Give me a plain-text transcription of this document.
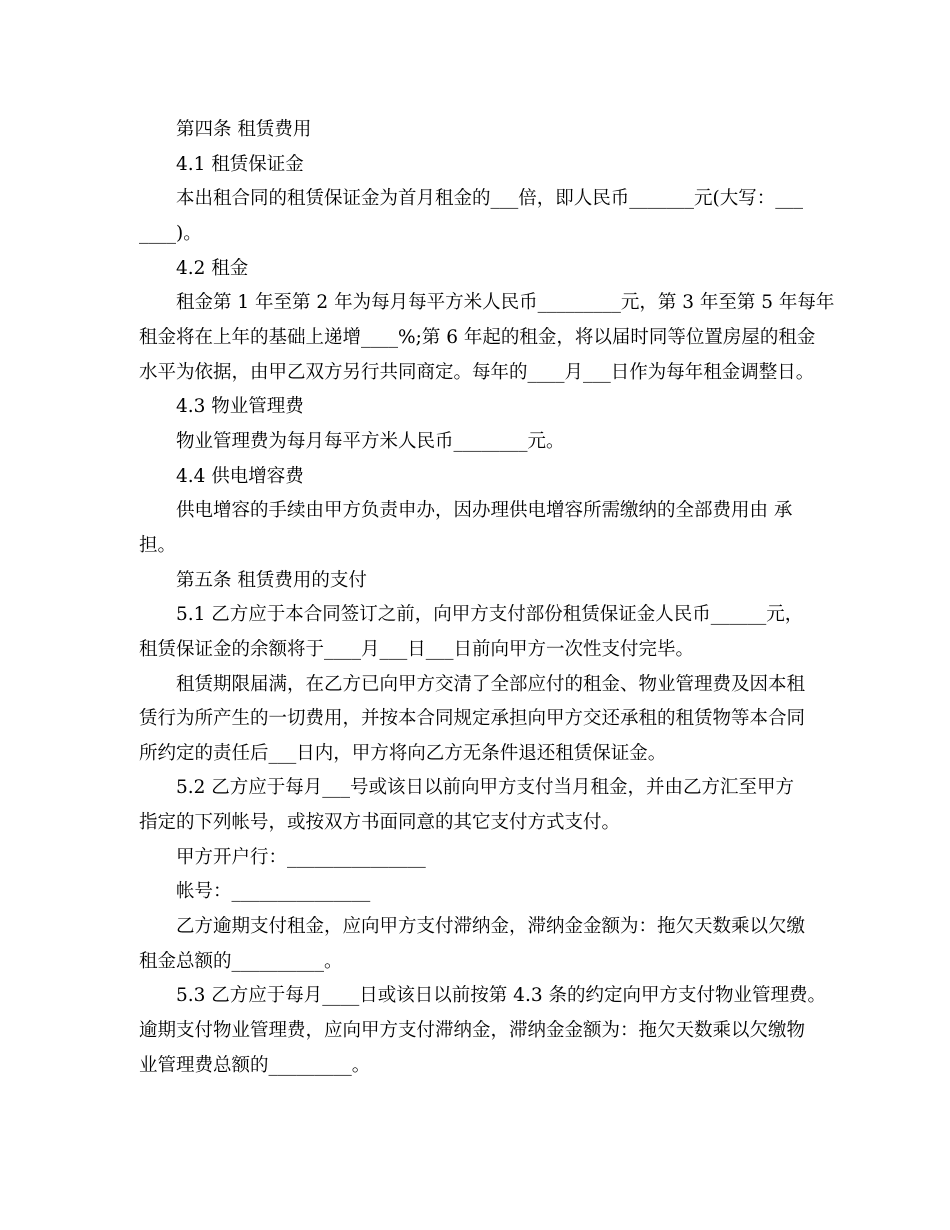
第四条 租赁费用
4.1 租赁保证金
本出租合同的租赁保证金为首月租金的___倍，即人民币_______元(大写：___
____)。
4.2 租金
租金第 1 年至第 2 年为每月每平方米人民币_________元，第 3 年至第 5 年每年
租金将在上年的基础上递增____%;第 6 年起的租金，将以届时同等位置房屋的租金
水平为依据，由甲乙双方另行共同商定。每年的____月___日作为每年租金调整日。
4.3 物业管理费
物业管理费为每月每平方米人民币________元。
4.4 供电增容费
供电增容的手续由甲方负责申办，因办理供电增容所需缴纳的全部费用由 承
担。
第五条 租赁费用的支付
5.1 乙方应于本合同签订之前，向甲方支付部份租赁保证金人民币______元，
租赁保证金的余额将于____月___日___日前向甲方一次性支付完毕。
租赁期限届满，在乙方已向甲方交清了全部应付的租金、物业管理费及因本租
赁行为所产生的一切费用，并按本合同规定承担向甲方交还承租的租赁物等本合同
所约定的责任后___日内，甲方将向乙方无条件退还租赁保证金。
5.2 乙方应于每月___号或该日以前向甲方支付当月租金，并由乙方汇至甲方
指定的下列帐号，或按双方书面同意的其它支付方式支付。
甲方开户行：_______________
帐号：_______________
乙方逾期支付租金，应向甲方支付滞纳金，滞纳金金额为：拖欠天数乘以欠缴
租金总额的__________。
5.3 乙方应于每月____日或该日以前按第 4.3 条的约定向甲方支付物业管理费。
逾期支付物业管理费，应向甲方支付滞纳金，滞纳金金额为：拖欠天数乘以欠缴物
业管理费总额的_________。
